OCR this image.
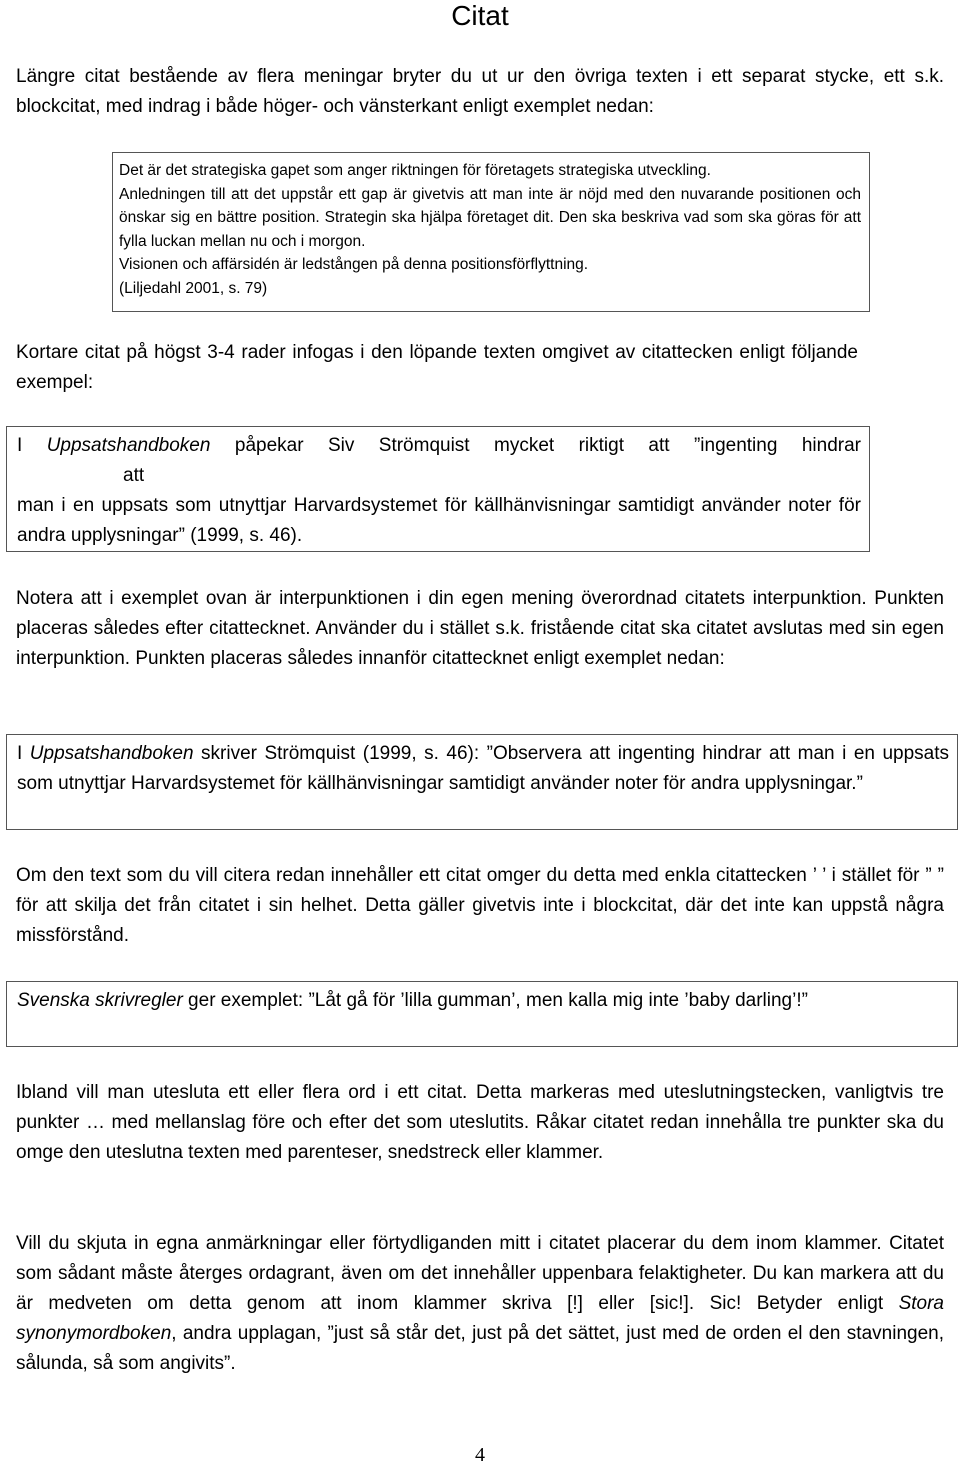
Citat
Längre citat bestående av flera meningar bryter du ut ur den övriga texten i ett separat stycke, ett s.k. blockcitat, med indrag i både höger- och vänsterkant enligt exemplet nedan:

Det är det strategiska gapet som anger riktningen för företagets strategiska utveckling.

Anledningen till att det uppstår ett gap är givetvis att man inte är nöjd med den nuvarande positionen och önskar sig en bättre position. Strategin ska hjälpa företaget dit. Den ska beskriva vad som ska göras för att fylla luckan mellan nu och i morgon.

Visionen och affärsidén är ledstången på denna positionsförflyttning.

(Liljedahl 2001, s. 79)

Kortare citat på högst 3-4 rader infogas i den löpande texten omgivet av citattecken enligt följande exempel:

I Uppsatshandboken påpekar Siv Strömquist mycket riktigt att ”ingenting hindrar

att

man i en uppsats som utnyttjar Harvardsystemet för källhänvisningar samtidigt använder noter för andra upplysningar” (1999, s. 46).

Notera att i exemplet ovan är interpunktionen i din egen mening överordnad citatets interpunktion. Punkten placeras således efter citattecknet. Använder du i stället s.k. fristående citat ska citatet avslutas med sin egen interpunktion. Punkten placeras således innanför citattecknet enligt exemplet nedan:

I Uppsatshandboken skriver Strömquist (1999, s. 46): ”Observera att ingenting hindrar att man i en uppsats som utnyttjar Harvardsystemet för källhänvisningar samtidigt använder noter för andra upplysningar.”

Om den text som du vill citera redan innehåller ett citat omger du detta med enkla citattecken ’ ’ i stället för ” ” för att skilja det från citatet i sin helhet. Detta gäller givetvis inte i blockcitat, där det inte kan uppstå några missförstånd.

Svenska skrivregler ger exemplet: ”Låt gå för ’lilla gumman’, men kalla mig inte ’baby darling’!”

Ibland vill man utesluta ett eller flera ord i ett citat. Detta markeras med uteslutningstecken, vanligtvis tre punkter … med mellanslag före och efter det som uteslutits. Råkar citatet redan innehålla tre punkter ska du omge den uteslutna texten med parenteser, snedstreck eller klammer.
Vill du skjuta in egna anmärkningar eller förtydliganden mitt i citatet placerar du dem inom klammer. Citatet som sådant måste återges ordagrant, även om det innehåller uppenbara felaktigheter. Du kan markera att du är medveten om detta genom att inom klammer skriva [!] eller [sic!]. Sic! Betyder enligt Stora synonymordboken, andra upplagan, ”just så står det, just på det sättet, just med de orden el den stavningen, sålunda, så som angivits”.
4
